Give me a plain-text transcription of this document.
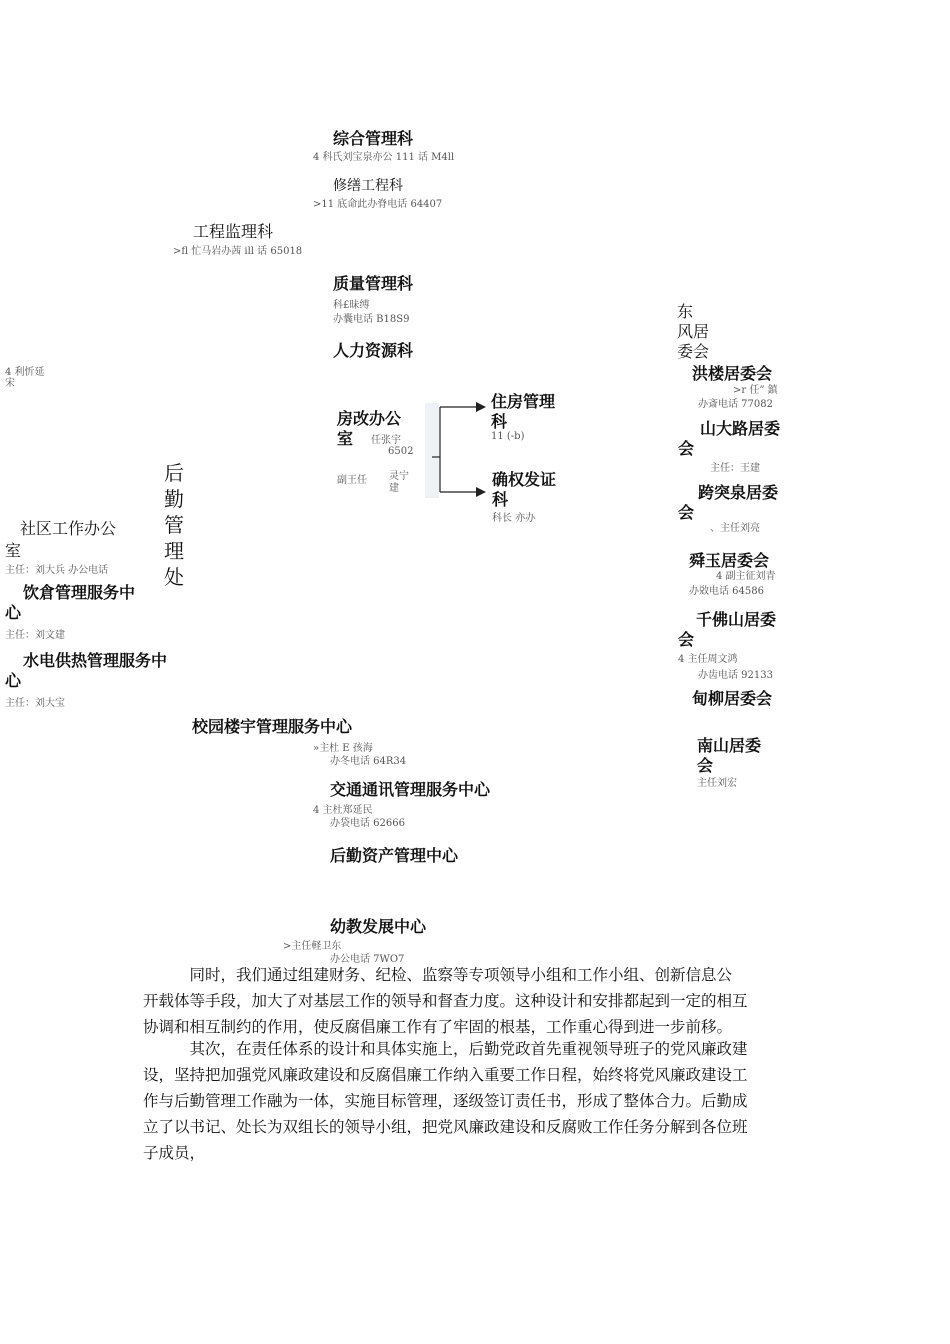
综合管理科
4 科氏刘宝泉亦公 111 话 M4ll
修缮工程科
>11 底命此办脊电话 64407
工程监理科
>fl 忙马岩办茜 ill 话 65018
质量管理科
科£昧缚
办囊电话 B18S9
人力资源科
4 利忻延
宋
房改办公
室	任张宇
6502
副王任 灵宁
建
住房管理
科
11 (-b)
确权发证
科
科长 亦办
后
勤
管
理
处
社区工作办公
室
主任：刘大兵 办公电话
饮倉管理服务中
心
主任：刘文建
水电供热管理服务中
心
主任：刘大宝
校园楼宇管理服务中心
»主杜 E 孩海
办冬电话 64R34
交通通讯管理服务中心
4 主杜郑延民
办袋电话 62666
后勤资产管理中心
幼教发展中心
>主任軽卫东
办公电话 7WO7
东
风居
委会
洪楼居委会
>r 任” 鎮
办斎电话 77082
山大路居委
会
主任：王建
跨突泉居委
会
、主任刘亮
舜玉居委会
4 副主征刘青
办敚电话 64586
千佛山居委
会
4 主任周文鸿
办齿电话 92133
甸柳居委会
南山居委
会
主任刘宏
　　　同时，我们通过组建财务、纪检、监察等专项领导小组和工作小组、创新信息公
开载体等手段，加大了对基层工作的领导和督查力度。这种设计和安排都起到一定的相互
协调和相互制约的作用，使反腐倡廉工作有了牢固的根基，工作重心得到进一步前移。
　　　其次，在责任体系的设计和具体实施上，后勤党政首先重视领导班子的党风廉政建
设，坚持把加强党风廉政建设和反腐倡廉工作纳入重要工作日程，始终将党风廉政建设工
作与后勤管理工作融为一体，实施目标管理，逐级签订责任书，形成了整体合力。后勤成
立了以书记、处长为双组长的领导小组，把党风廉政建设和反腐败工作任务分解到各位班
子成员，
